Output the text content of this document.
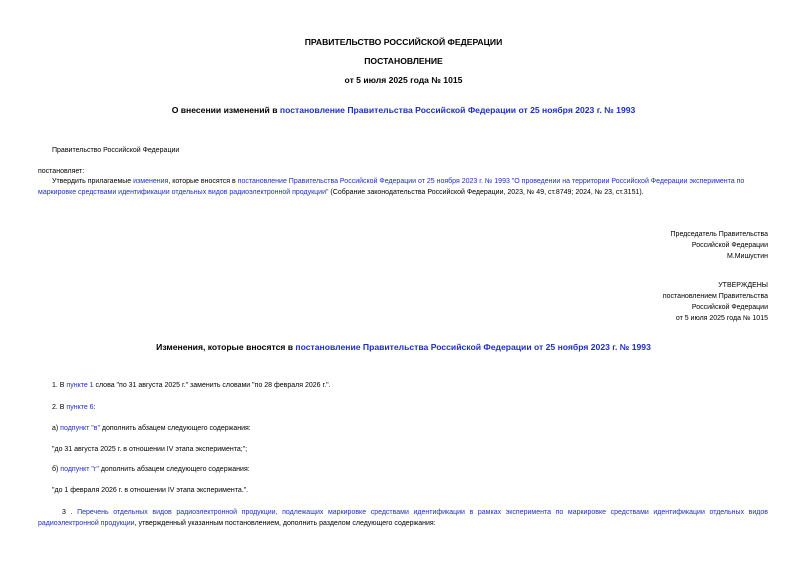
ПРАВИТЕЛЬСТВО РОССИЙСКОЙ ФЕДЕРАЦИИ
ПОСТАНОВЛЕНИЕ
от 5 июля 2025 года № 1015
О внесении изменений в постановление Правительства Российской Федерации от 25 ноября 2023 г. № 1993
Правительство Российской Федерации
постановляет:
Утвердить прилагаемые изменения, которые вносятся в постановление Правительства Российской Федерации от 25 ноября 2023 г. № 1993 "О проведении на территории Российской Федерации эксперимента по маркировке средствами идентификации отдельных видов радиоэлектронной продукции" (Собрание законодательства Российской Федерации, 2023, № 49, ст.8749; 2024, № 23, ст.3151).
Председатель Правительства
Российской Федерации
М.Мишустин
УТВЕРЖДЕНЫ
постановлением Правительства
Российской Федерации
от 5 июля 2025 года № 1015
Изменения, которые вносятся в постановление Правительства Российской Федерации от 25 ноября 2023 г. № 1993
1. В пункте 1 слова "по 31 августа 2025 г." заменить словами "по 28 февраля 2026 г.".
2. В пункте 6:
а) подпункт "в" дополнить абзацем следующего содержания:
"до 31 августа 2025 г. в отношении IV этапа эксперимента;";
б) подпункт "г" дополнить абзацем следующего содержания:
"до 1 февраля 2026 г. в отношении IV этапа эксперимента.".
3 . Перечень отдельных видов радиоэлектронной продукции, подлежащих маркировке средствами идентификации в рамках эксперимента по маркировке средствами идентификации отдельных видов радиоэлектронной продукции, утвержденный указанным постановлением, дополнить разделом следующего содержания:
